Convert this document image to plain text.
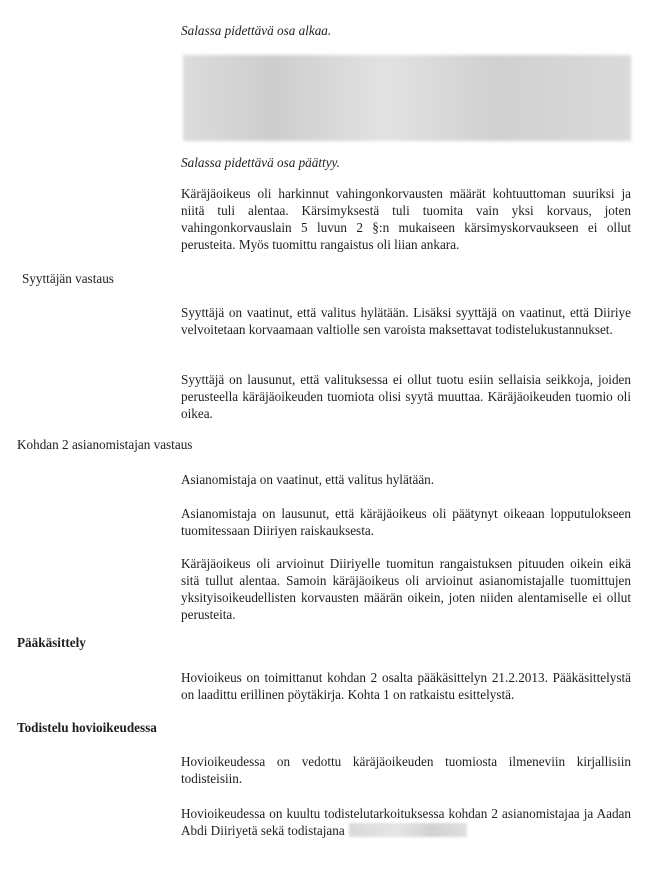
Salassa pidettävä osa alkaa.

Salassa pidettävä osa päättyy.

Käräjäoikeus oli harkinnut vahingonkorvausten määrät kohtuuttoman suuriksi ja niitä tuli alentaa. Kärsimyksestä tuli tuomita vain yksi korvaus, joten vahingonkorvauslain 5 luvun 2 §:n mukaiseen kärsimyskorvaukseen ei ollut perusteita. Myös tuomittu rangaistus oli liian ankara.

Syyttäjän vastaus

Syyttäjä on vaatinut, että valitus hylätään. Lisäksi syyttäjä on vaatinut, että Diiriye velvoitetaan korvaamaan valtiolle sen varoista maksettavat todistelukustannukset.

Syyttäjä on lausunut, että valituksessa ei ollut tuotu esiin sellaisia seikkoja, joiden perusteella käräjäoikeuden tuomiota olisi syytä muuttaa. Käräjäoikeuden tuomio oli oikea.

Kohdan 2 asianomistajan vastaus

Asianomistaja on vaatinut, että valitus hylätään.

Asianomistaja on lausunut, että käräjäoikeus oli päätynyt oikeaan lopputulokseen tuomitessaan Diiriyen raiskauksesta.

Käräjäoikeus oli arvioinut Diiriyelle tuomitun rangaistuksen pituuden oikein eikä sitä tullut alentaa. Samoin käräjäoikeus oli arvioinut asianomistajalle tuomittujen yksityisoikeudellisten korvausten määrän oikein, joten niiden alentamiselle ei ollut perusteita.

Pääkäsittely

Hovioikeus on toimittanut kohdan 2 osalta pääkäsittelyn 21.2.2013. Pääkäsittelystä on laadittu erillinen pöytäkirja. Kohta 1 on ratkaistu esittelystä.

Todistelu hovioikeudessa

Hovioikeudessa on vedottu käräjäoikeuden tuomiosta ilmeneviin kirjallisiin todisteisiin.

Hovioikeudessa on kuultu todistelutarkoituksessa kohdan 2 asianomistajaa ja Aadan Abdi Diiriyetä sekä todistajana
